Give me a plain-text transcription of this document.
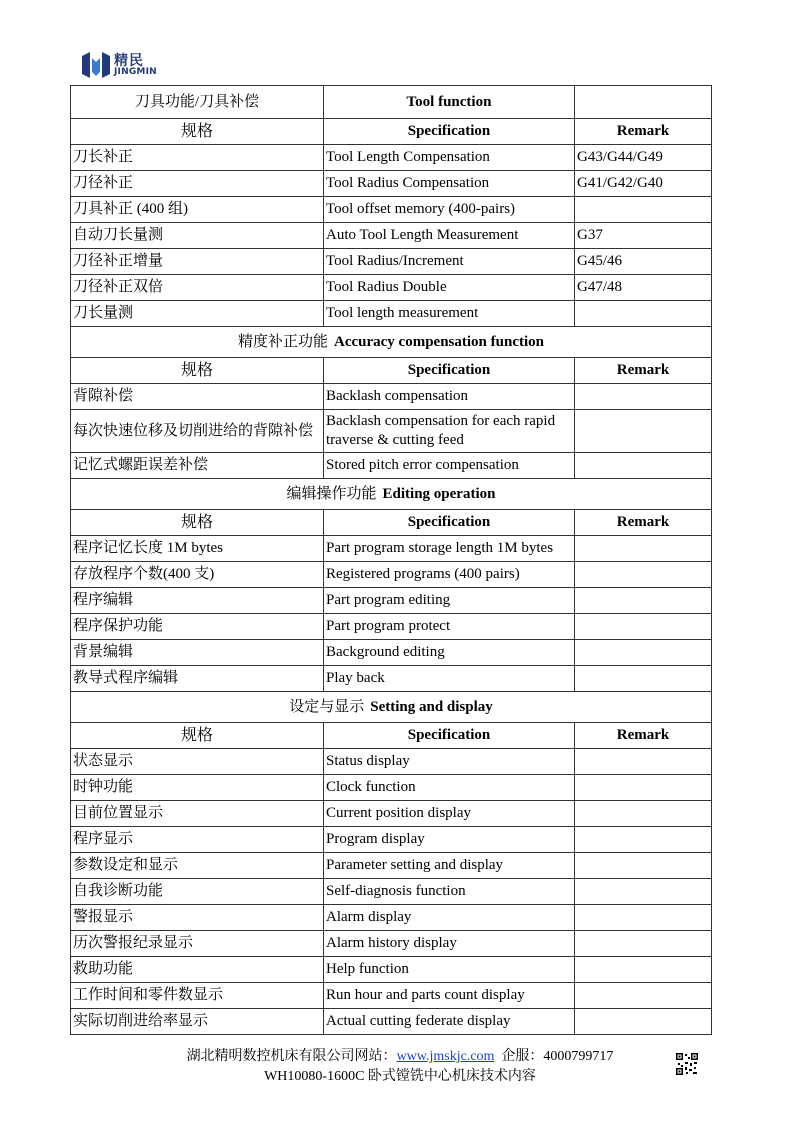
精民
JINGMIN
刀具功能/刀具补偿	Tool function	
规格	Specification	Remark
刀长补正	Tool Length Compensation	G43/G44/G49
刀径补正	Tool Radius Compensation	G41/G42/G40
刀具补正 (400 组)	Tool offset memory (400-pairs)	
自动刀长量测	Auto Tool Length Measurement	G37
刀径补正增量	Tool Radius/Increment	G45/46
刀径补正双倍	Tool Radius Double	G47/48
刀长量测	Tool length measurement	
精度补正功能 Accuracy compensation function		
规格	Specification	Remark
背隙补偿	Backlash compensation	
每次快速位移及切削进给的背隙补偿	Backlash compensation for each rapid traverse & cutting feed	
记忆式螺距误差补偿	Stored pitch error compensation	
编辑操作功能 Editing operation		
规格	Specification	Remark
程序记忆长度 1M bytes	Part program storage length 1M bytes	
存放程序个数(400 支)	Registered programs (400 pairs)	
程序编辑	Part program editing	
程序保护功能	Part program protect	
背景编辑	Background editing	
教导式程序编辑	Play back	
设定与显示 Setting and display		
规格	Specification	Remark
状态显示	Status display	
时钟功能	Clock function	
目前位置显示	Current position display	
程序显示	Program display	
参数设定和显示	Parameter setting and display	
自我诊断功能	Self-diagnosis function	
警报显示	Alarm display	
历次警报纪录显示	Alarm history display	
救助功能	Help function	
工作时间和零件数显示	Run hour and parts count display	
实际切削进给率显示	Actual cutting federate display	
湖北精明数控机床有限公司网站：www.jmskjc.com 企服：4000799717
WH10080-1600C 卧式镗铣中心机床技术内容
